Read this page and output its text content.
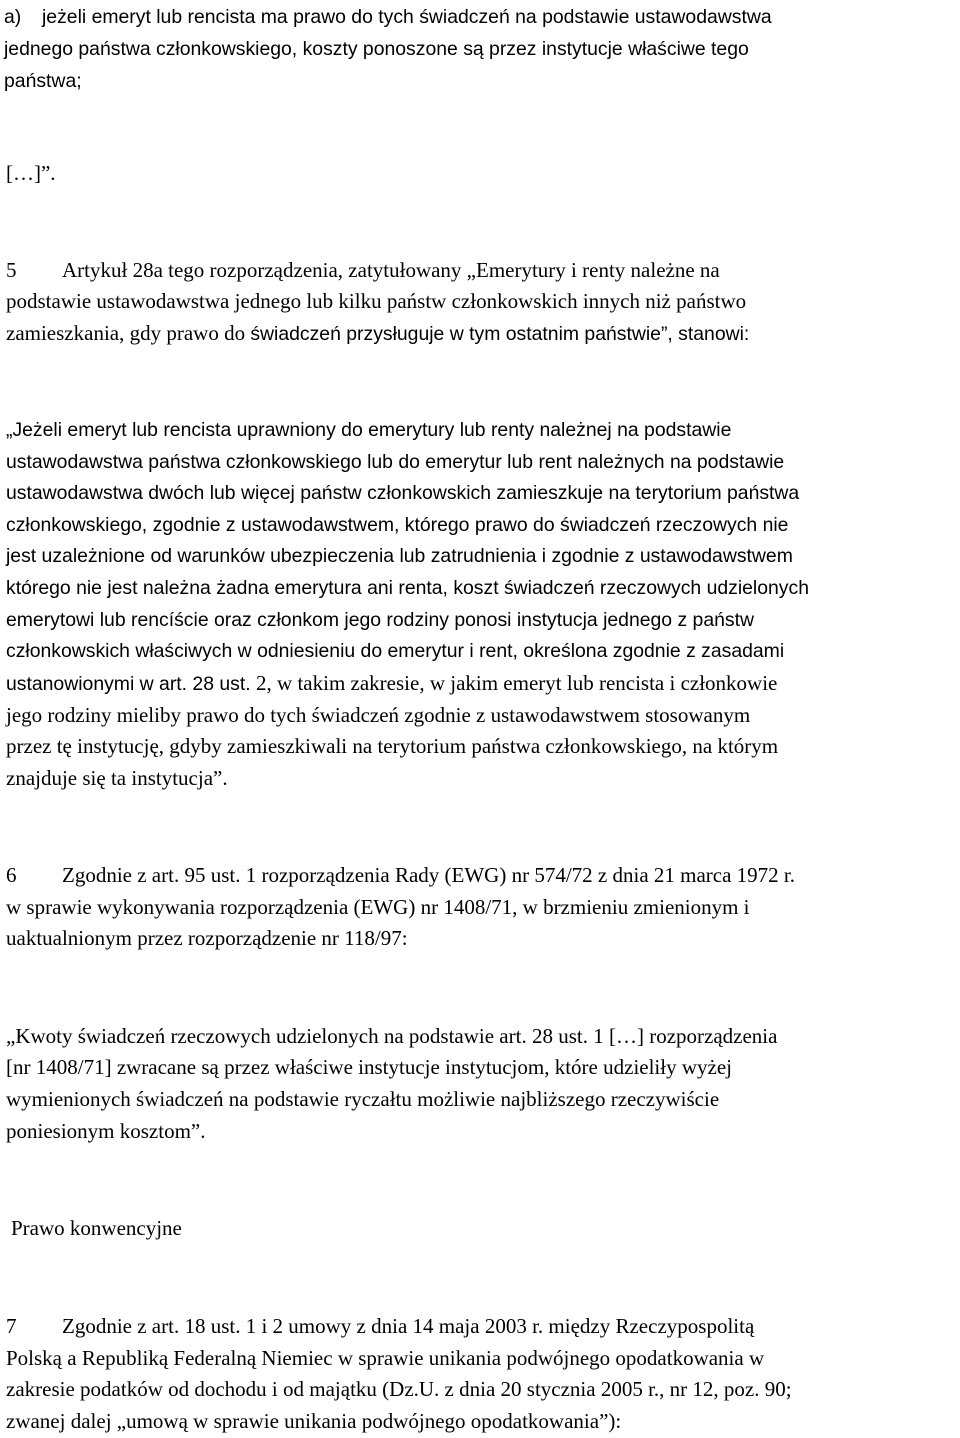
a) jeżeli emeryt lub rencista ma prawo do tych świadczeń na podstawie ustawodawstwa
jednego państwa członkowskiego, koszty ponoszone są przez instytucje właściwe tego
państwa;
[…]”.
5 Artykuł 28a tego rozporządzenia, zatytułowany „Emerytury i renty należne na
podstawie ustawodawstwa jednego lub kilku państw członkowskich innych niż państwo
zamieszkania, gdy prawo do świadczeń przysługuje w tym ostatnim państwie”, stanowi:
„Jeżeli emeryt lub rencista uprawniony do emerytury lub renty należnej na podstawie
ustawodawstwa państwa członkowskiego lub do emerytur lub rent należnych na podstawie
ustawodawstwa dwóch lub więcej państw członkowskich zamieszkuje na terytorium państwa
członkowskiego, zgodnie z ustawodawstwem, którego prawo do świadczeń rzeczowych nie
jest uzależnione od warunków ubezpieczenia lub zatrudnienia i zgodnie z ustawodawstwem
którego nie jest należna żadna emerytura ani renta, koszt świadczeń rzeczowych udzielonych
emerytowi lub rencíście oraz członkom jego rodziny ponosi instytucja jednego z państw
członkowskich właściwych w odniesieniu do emerytur i rent, określona zgodnie z zasadami
ustanowionymi w art. 28 ust. 2, w takim zakresie, w jakim emeryt lub rencista i członkowie
jego rodziny mieliby prawo do tych świadczeń zgodnie z ustawodawstwem stosowanym
przez tę instytucję, gdyby zamieszkiwali na terytorium państwa członkowskiego, na którym
znajduje się ta instytucja”.
6 Zgodnie z art. 95 ust. 1 rozporządzenia Rady (EWG) nr 574/72 z dnia 21 marca 1972 r.
w sprawie wykonywania rozporządzenia (EWG) nr 1408/71, w brzmieniu zmienionym i
uaktualnionym przez rozporządzenie nr 118/97:
„Kwoty świadczeń rzeczowych udzielonych na podstawie art. 28 ust. 1 […] rozporządzenia
[nr 1408/71] zwracane są przez właściwe instytucje instytucjom, które udzieliły wyżej
wymienionych świadczeń na podstawie ryczałtu możliwie najbliższego rzeczywiście
poniesionym kosztom”.
Prawo konwencyjne
7 Zgodnie z art. 18 ust. 1 i 2 umowy z dnia 14 maja 2003 r. między Rzeczypospolitą
Polską a Republiką Federalną Niemiec w sprawie unikania podwójnego opodatkowania w
zakresie podatków od dochodu i od majątku (Dz.U. z dnia 20 stycznia 2005 r., nr 12, poz. 90;
zwanej dalej „umową w sprawie unikania podwójnego opodatkowania”):
